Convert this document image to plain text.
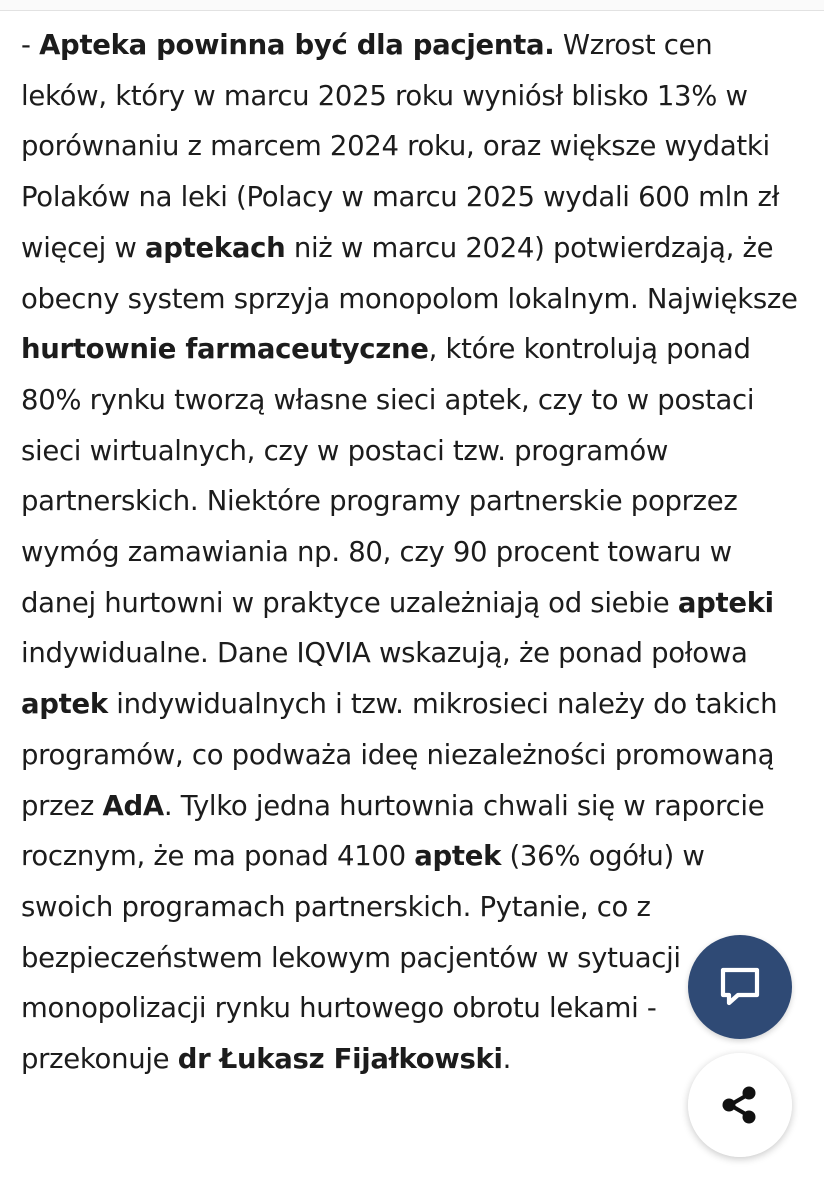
- Apteka powinna być dla pacjenta. Wzrost cen leków, który w marcu 2025 roku wyniósł blisko 13% w porównaniu z marcem 2024 roku, oraz większe wydatki Polaków na leki (Polacy w marcu 2025 wydali 600 mln zł więcej w aptekach niż w marcu 2024) potwierdzają, że obecny system sprzyja monopolom lokalnym. Największe hurtownie farmaceutyczne, które kontrolują ponad 80% rynku tworzą własne sieci aptek, czy to w postaci sieci wirtualnych, czy w postaci tzw. programów partnerskich. Niektóre programy partnerskie poprzez wymóg zamawiania np. 80, czy 90 procent towaru w danej hurtowni w praktyce uzależniają od siebie apteki indywidualne. Dane IQVIA wskazują, że ponad połowa aptek indywidualnych i tzw. mikrosieci należy do takich programów, co podważa ideę niezależności promowaną przez AdA. Tylko jedna hurtownia chwali się w raporcie rocznym, że ma ponad 4100 aptek (36% ogółu) w swoich programach partnerskich. Pytanie, co z bezpieczeństwem lekowym pacjentów w sytuacji monopolizacji rynku hurtowego obrotu lekami - przekonuje dr Łukasz Fijałkowski.
